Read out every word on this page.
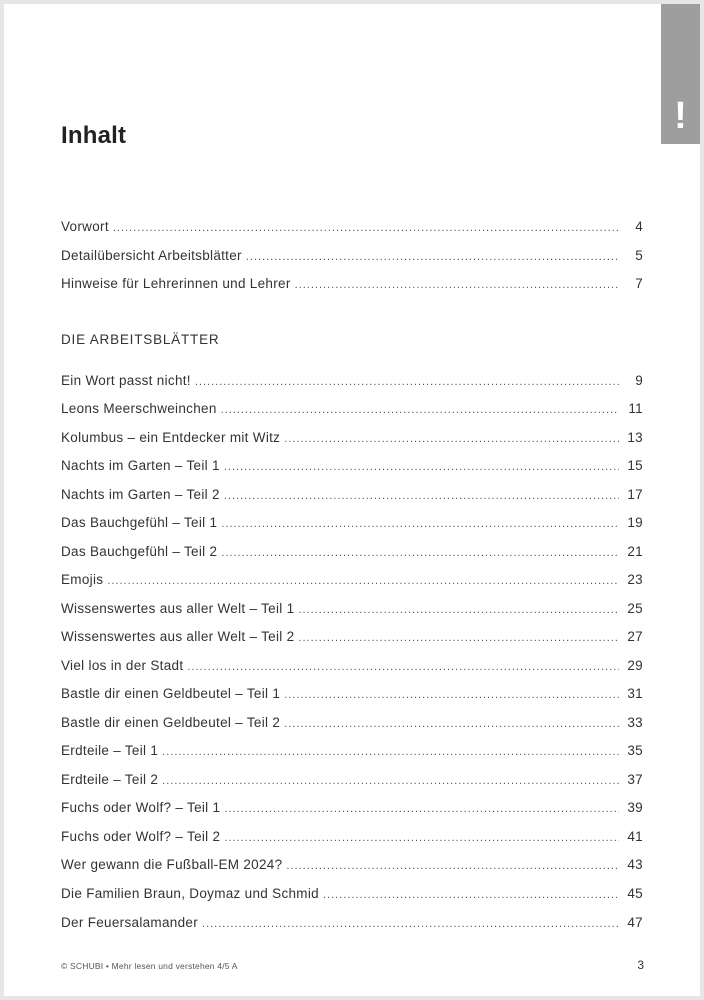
!
Inhalt
Vorwort .....	4
Detailübersicht Arbeitsblätter .....	5
Hinweise für Lehrerinnen und Lehrer .....	7
DIE ARBEITSBLÄTTER
Ein Wort passt nicht! .....	9
Leons Meerschweinchen .....	11
Kolumbus – ein Entdecker mit Witz .....	13
Nachts im Garten – Teil 1 .....	15
Nachts im Garten – Teil 2 .....	17
Das Bauchgefühl – Teil 1 .....	19
Das Bauchgefühl – Teil 2 .....	21
Emojis .....	23
Wissenswertes aus aller Welt – Teil 1 .....	25
Wissenswertes aus aller Welt – Teil 2 .....	27
Viel los in der Stadt .....	29
Bastle dir einen Geldbeutel – Teil 1 .....	31
Bastle dir einen Geldbeutel – Teil 2 .....	33
Erdteile – Teil 1 .....	35
Erdteile – Teil 2 .....	37
Fuchs oder Wolf? – Teil 1 .....	39
Fuchs oder Wolf? – Teil 2 .....	41
Wer gewann die Fußball-EM 2024? .....	43
Die Familien Braun, Doymaz und Schmid .....	45
Der Feuersalamander .....	47
© SCHUBI • Mehr lesen und verstehen 4/5 A	3
